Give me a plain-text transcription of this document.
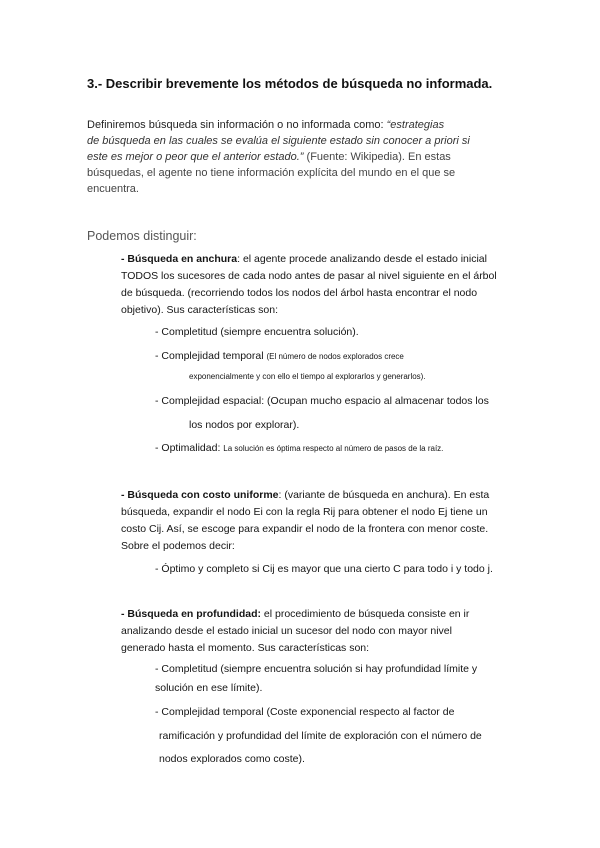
3.- Describir brevemente los métodos de búsqueda no informada.
Definiremos búsqueda sin información o no informada como: “estrategias
de búsqueda en las cuales se evalúa el siguiente estado sin conocer a priori si
este es mejor o peor que el anterior estado.” (Fuente: Wikipedia). En estas
búsquedas, el agente no tiene información explícita del mundo en el que se
encuentra.
Podemos distinguir:
- Búsqueda en anchura: el agente procede analizando desde el estado inicial
TODOS los sucesores de cada nodo antes de pasar al nivel siguiente en el árbol
de búsqueda. (recorriendo todos los nodos del árbol hasta encontrar el nodo
objetivo). Sus características son:
- Completitud (siempre encuentra solución).
- Complejidad temporal (El número de nodos explorados crece
exponencialmente y con ello el tiempo al explorarlos y generarlos).
- Complejidad espacial: (Ocupan mucho espacio al almacenar todos los
los nodos por explorar).
- Optimalidad: La solución es óptima respecto al número de pasos de la raíz.
- Búsqueda con costo uniforme: (variante de búsqueda en anchura). En esta
búsqueda, expandir el nodo Ei con la regla Rij para obtener el nodo Ej tiene un
costo Cij. Así, se escoge para expandir el nodo de la frontera con menor coste.
Sobre el podemos decir:
- Óptimo y completo si Cij es mayor que una cierto C para todo i y todo j.
- Búsqueda en profundidad: el procedimiento de búsqueda consiste en ir
analizando desde el estado inicial un sucesor del nodo con mayor nivel
generado hasta el momento. Sus características son:
- Completitud (siempre encuentra solución si hay profundidad límite y
solución en ese límite).
- Complejidad temporal (Coste exponencial respecto al factor de
ramificación y profundidad del límite de exploración con el número de
nodos explorados como coste).
